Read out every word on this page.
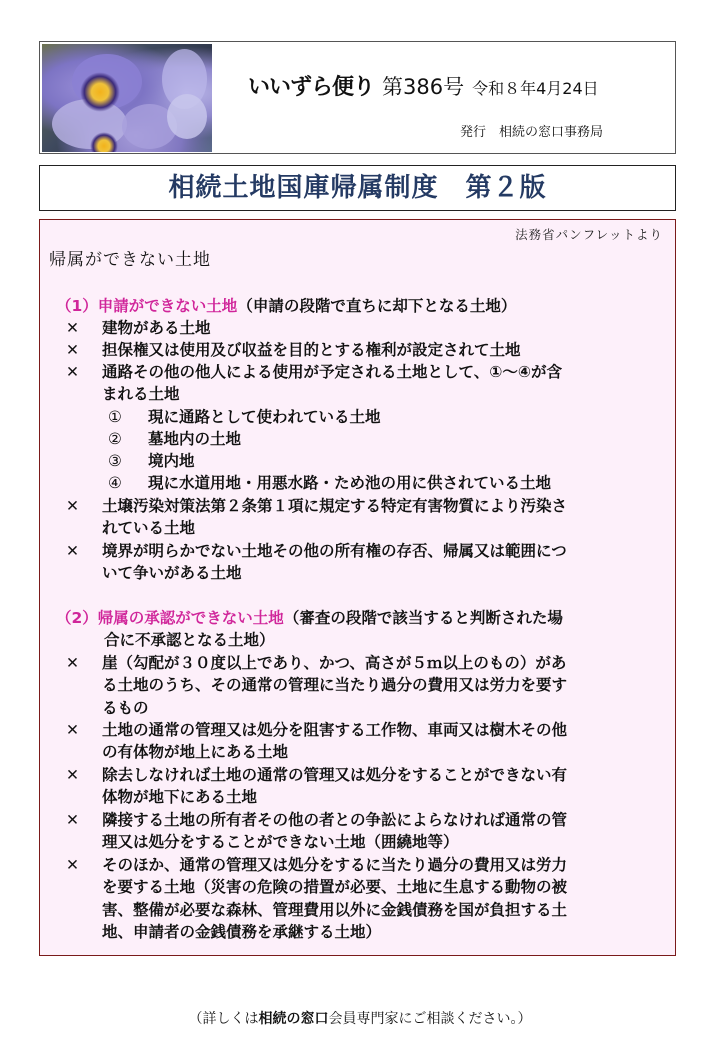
いいずら便り 第386号 令和８年4月24日
発行　相続の窓口事務局
相続土地国庫帰属制度　第２版
法務省パンフレットより
帰属ができない土地
（1）申請ができない土地（申請の段階で直ちに却下となる土地）
✕	建物がある土地
✕	担保権又は使用及び収益を目的とする権利が設定されて土地
✕	通路その他の他人による使用が予定される土地として、①～④が含
まれる土地
① 現に通路として使われている土地
② 墓地内の土地
③ 境内地
④ 現に水道用地・用悪水路・ため池の用に供されている土地
✕	土壌汚染対策法第２条第１項に規定する特定有害物質により汚染さ
れている土地
✕	境界が明らかでない土地その他の所有権の存否、帰属又は範囲につ
いて争いがある土地
（2）帰属の承認ができない土地（審査の段階で該当すると判断された場
合に不承認となる土地）
✕	崖（勾配が３０度以上であり、かつ、高さが５ｍ以上のもの）があ
る土地のうち、その通常の管理に当たり過分の費用又は労力を要す
るもの
✕	土地の通常の管理又は処分を阻害する工作物、車両又は樹木その他
の有体物が地上にある土地
✕	除去しなければ土地の通常の管理又は処分をすることができない有
体物が地下にある土地
✕	隣接する土地の所有者その他の者との争訟によらなければ通常の管
理又は処分をすることができない土地（囲繞地等）
✕	そのほか、通常の管理又は処分をするに当たり過分の費用又は労力
を要する土地（災害の危険の措置が必要、土地に生息する動物の被
害、整備が必要な森林、管理費用以外に金銭債務を国が負担する土
地、申請者の金銭債務を承継する土地）
（詳しくは相続の窓口会員専門家にご相談ください。）
